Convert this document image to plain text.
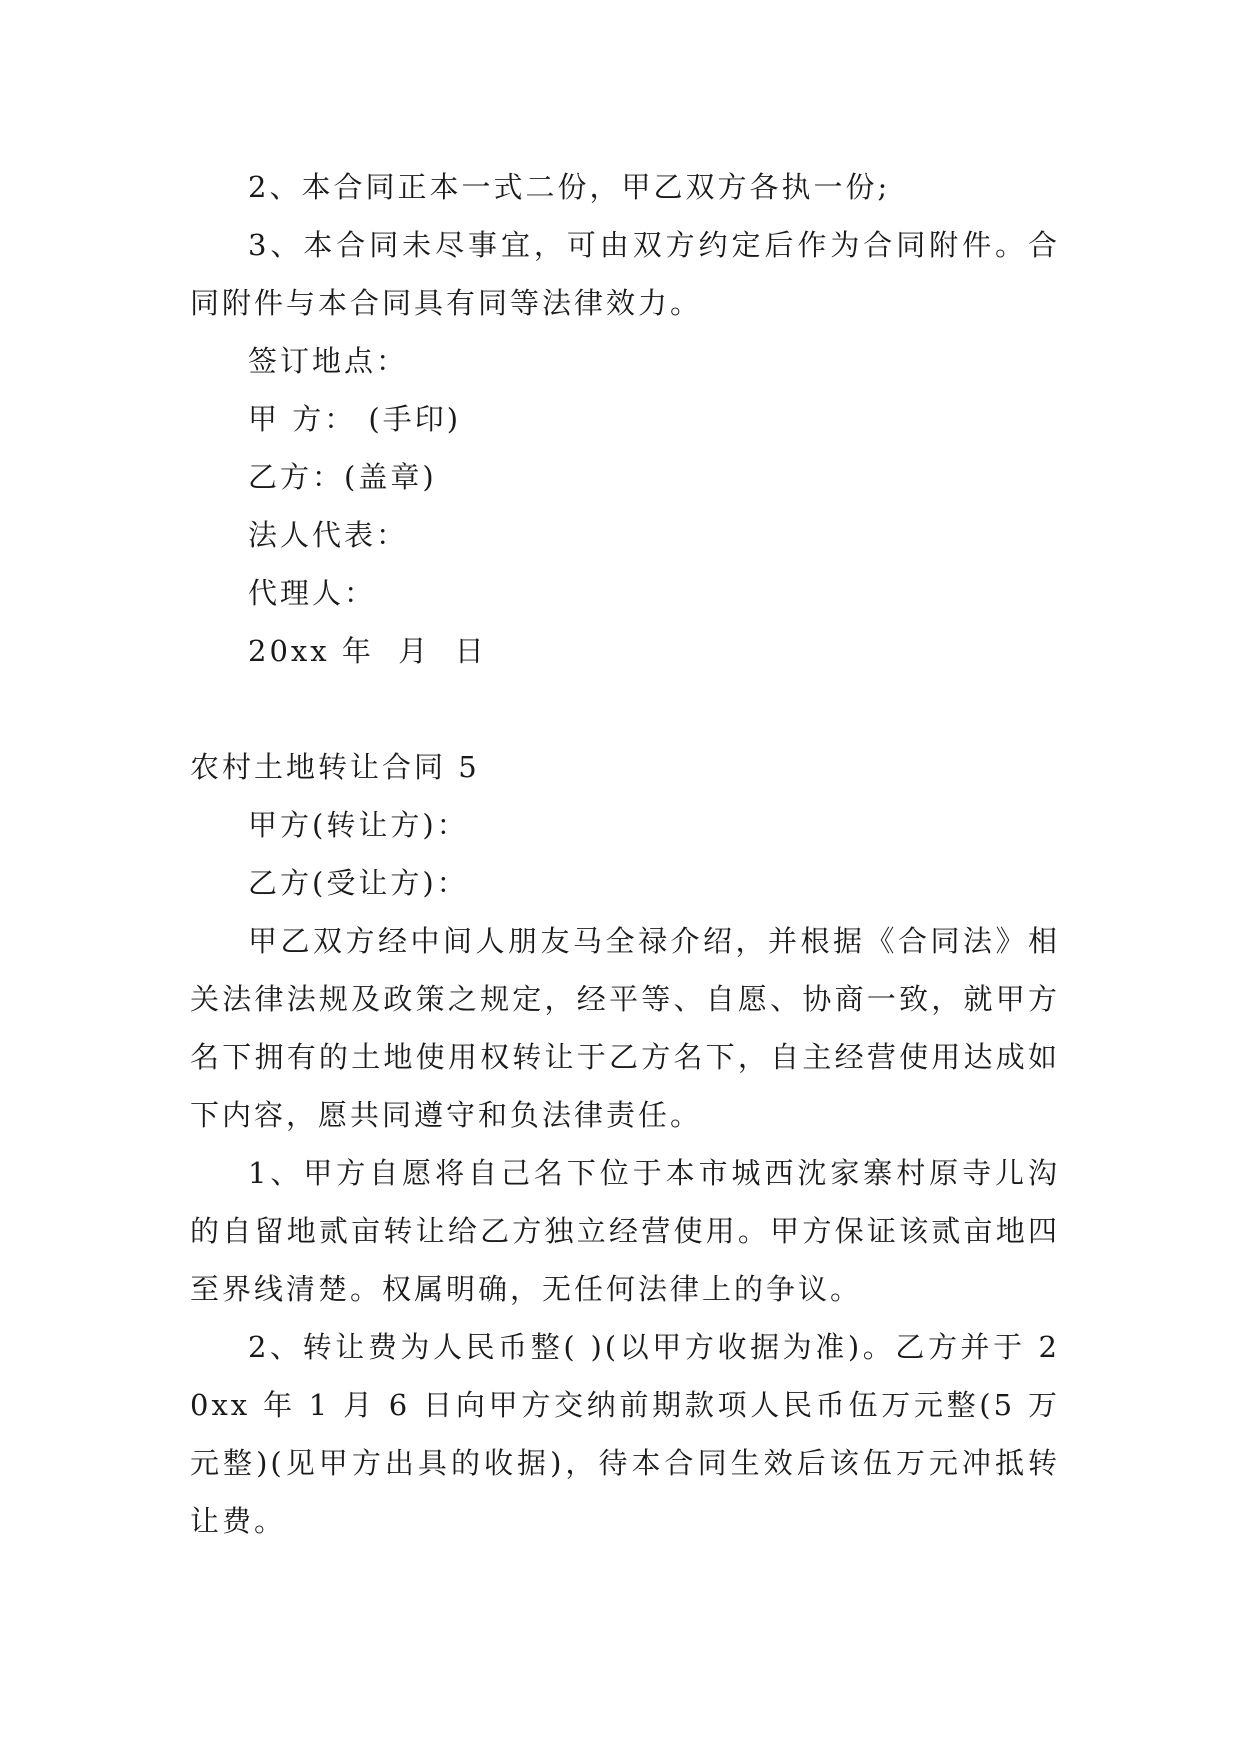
2、本合同正本一式二份，甲乙双方各执一份;

3、本合同未尽事宜，可由双方约定后作为合同附件。合同附件与本合同具有同等法律效力。

签订地点：

甲 方： (手印)

乙方：(盖章)

法人代表：

代理人：

20xx 年  月  日

农村土地转让合同 5

甲方(转让方)：

乙方(受让方)：

甲乙双方经中间人朋友马全禄介绍，并根据《合同法》相关法律法规及政策之规定，经平等、自愿、协商一致，就甲方名下拥有的土地使用权转让于乙方名下，自主经营使用达成如下内容，愿共同遵守和负法律责任。

1、甲方自愿将自己名下位于本市城西沈家寨村原寺儿沟的自留地贰亩转让给乙方独立经营使用。甲方保证该贰亩地四至界线清楚。权属明确，无任何法律上的争议。

2、转让费为人民币整( )(以甲方收据为准)。乙方并于 20xx 年 1 月 6 日向甲方交纳前期款项人民币伍万元整(5 万元整)(见甲方出具的收据)，待本合同生效后该伍万元冲抵转让费。
